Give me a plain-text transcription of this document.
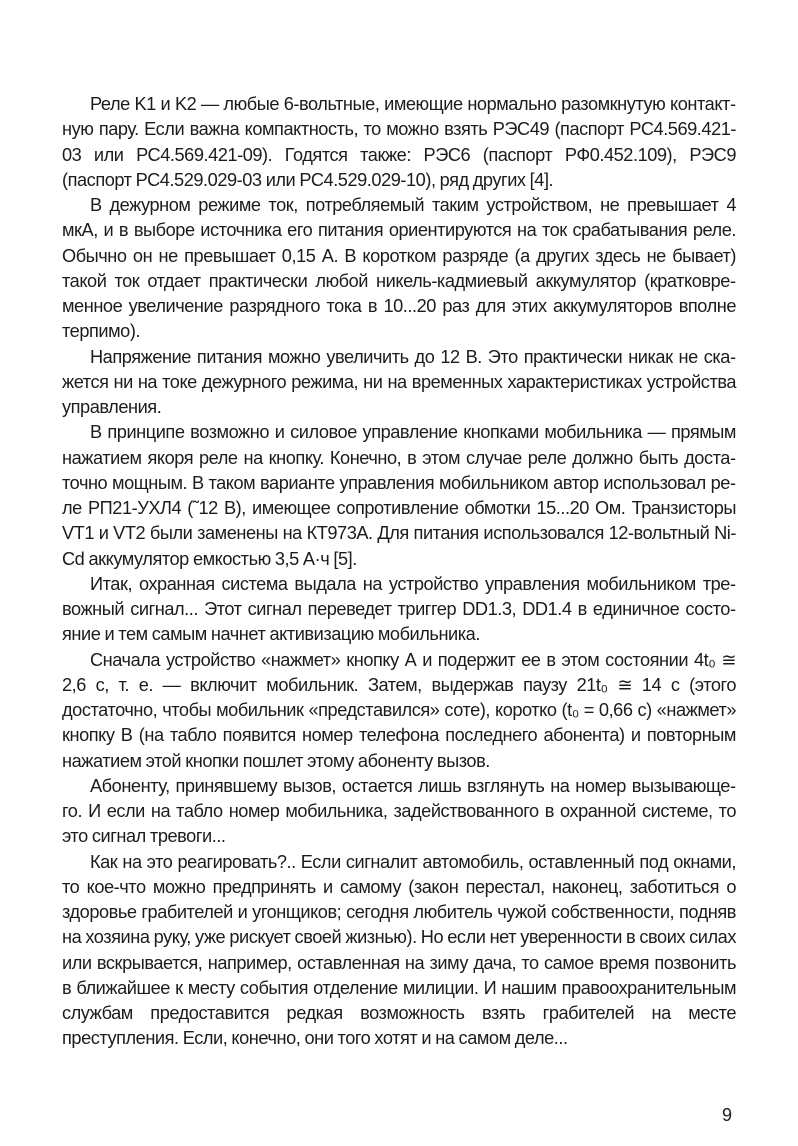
Реле K1 и K2 — любые 6-вольтные, имеющие нормально разомкнутую контактную пару. Если важна компактность, то можно взять РЭС49 (паспорт РС4.569.421-03 или РС4.569.421-09). Годятся также: РЭС6 (паспорт РФ0.452.109), РЭС9 (паспорт РС4.529.029-03 или РС4.529.029-10), ряд других [4].

В дежурном режиме ток, потребляемый таким устройством, не превышает 4 мкА, и в выборе источника его питания ориентируются на ток срабатывания реле. Обычно он не превышает 0,15 А. В коротком разряде (а других здесь не бывает) такой ток отдает практически любой никель-кадмиевый аккумулятор (кратковременное увеличение разрядного тока в 10...20 раз для этих аккумуляторов вполне терпимо).

Напряжение питания можно увеличить до 12 В. Это практически никак не скажется ни на токе дежурного режима, ни на временных характеристиках устройства управления.

В принципе возможно и силовое управление кнопками мобильника — прямым нажатием якоря реле на кнопку. Конечно, в этом случае реле должно быть достаточно мощным. В таком варианте управления мобильником автор использовал реле РП21-УХЛ4 (˜12 В), имеющее сопротивление обмотки 15...20 Ом. Транзисторы VT1 и VT2 были заменены на КТ973А. Для питания использовался 12-вольтный Ni-Cd аккумулятор емкостью 3,5 А·ч [5].

Итак, охранная система выдала на устройство управления мобильником тревожный сигнал... Этот сигнал переведет триггер DD1.3, DD1.4 в единичное состояние и тем самым начнет активизацию мобильника.

Сначала устройство «нажмет» кнопку А и подержит ее в этом состоянии 4t₀ ≅ 2,6 с, т. е. — включит мобильник. Затем, выдержав паузу 21t₀ ≅ 14 с (этого достаточно, чтобы мобильник «представился» соте), коротко (t₀ = 0,66 с) «нажмет» кнопку В (на табло появится номер телефона последнего абонента) и повторным нажатием этой кнопки пошлет этому абоненту вызов.

Абоненту, принявшему вызов, остается лишь взглянуть на номер вызывающего. И если на табло номер мобильника, задействованного в охранной системе, то это сигнал тревоги...

Как на это реагировать?.. Если сигналит автомобиль, оставленный под окнами, то кое-что можно предпринять и самому (закон перестал, наконец, заботиться о здоровье грабителей и угонщиков; сегодня любитель чужой собственности, подняв на хозяина руку, уже рискует своей жизнью). Но если нет уверенности в своих силах или вскрывается, например, оставленная на зиму дача, то самое время позвонить в ближайшее к месту события отделение милиции. И нашим правоохранительным службам предоставится редкая возможность взять грабителей на месте преступления. Если, конечно, они того хотят и на самом деле...

9
